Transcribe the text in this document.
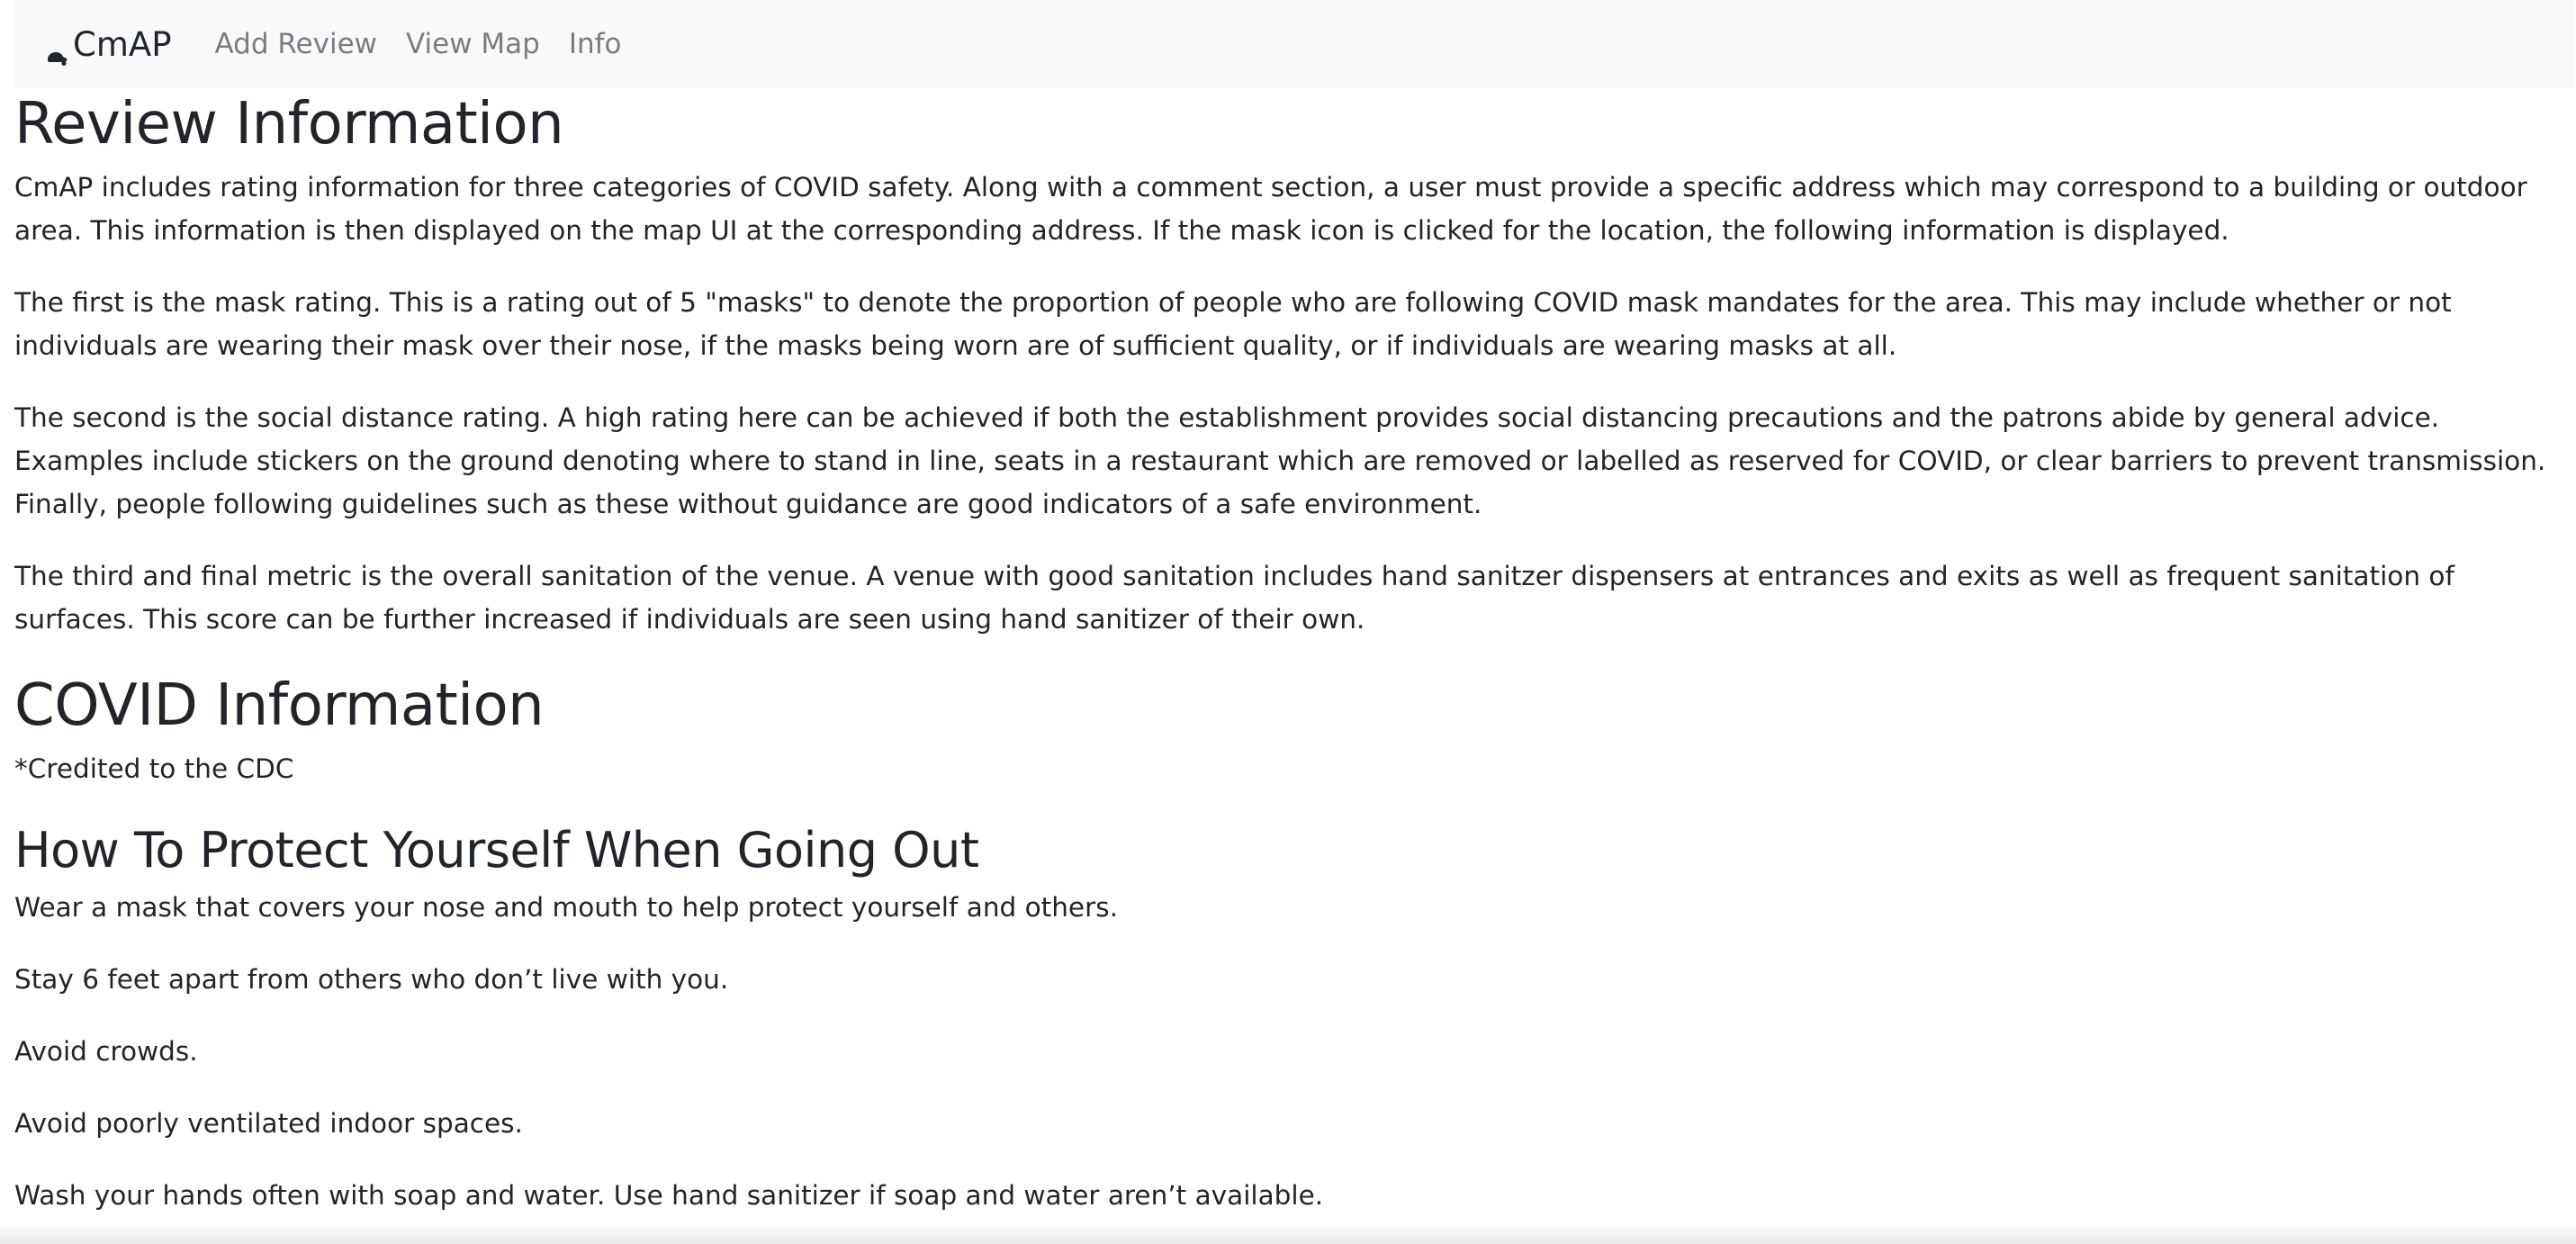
CmAP Add Review View Map Info
Review Information

CmAP includes rating information for three categories of COVID safety. Along with a comment section, a user must provide a specific address which may correspond to a building or outdoor area. This information is then displayed on the map UI at the corresponding address. If the mask icon is clicked for the location, the following information is displayed.

The first is the mask rating. This is a rating out of 5 "masks" to denote the proportion of people who are following COVID mask mandates for the area. This may include whether or not individuals are wearing their mask over their nose, if the masks being worn are of sufficient quality, or if individuals are wearing masks at all.

The second is the social distance rating. A high rating here can be achieved if both the establishment provides social distancing precautions and the patrons abide by general advice. Examples include stickers on the ground denoting where to stand in line, seats in a restaurant which are removed or labelled as reserved for COVID, or clear barriers to prevent transmission. Finally, people following guidelines such as these without guidance are good indicators of a safe environment.

The third and final metric is the overall sanitation of the venue. A venue with good sanitation includes hand sanitzer dispensers at entrances and exits as well as frequent sanitation of surfaces. This score can be further increased if individuals are seen using hand sanitizer of their own.

COVID Information

*Credited to the CDC

How To Protect Yourself When Going Out

Wear a mask that covers your nose and mouth to help protect yourself and others.

Stay 6 feet apart from others who don’t live with you.

Avoid crowds.

Avoid poorly ventilated indoor spaces.

Wash your hands often with soap and water. Use hand sanitizer if soap and water aren’t available.
